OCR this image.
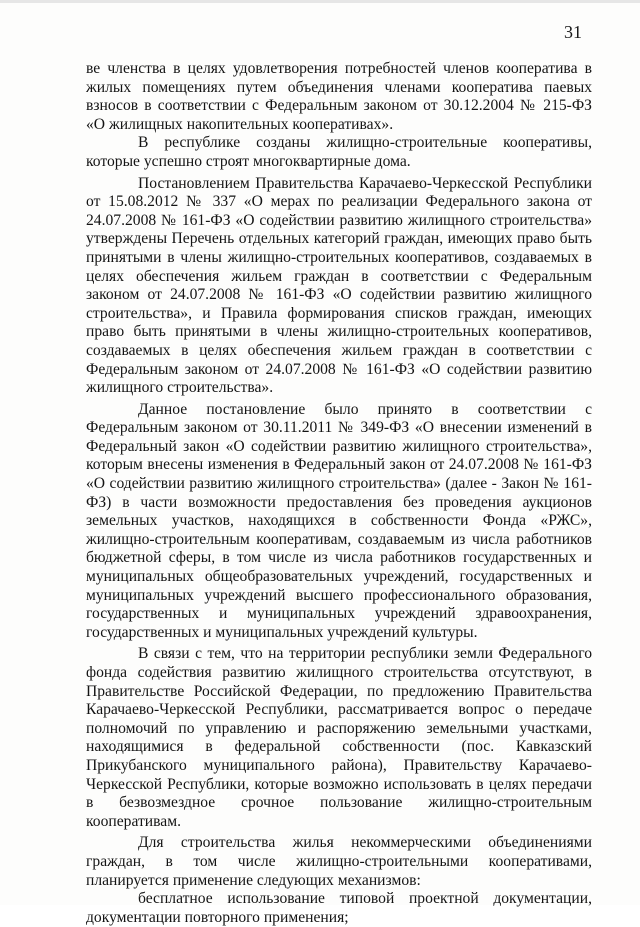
31

ве членства в целях удовлетворения потребностей членов кооператива в жилых помещениях путем объединения членами кооператива паевых взносов в соответствии с Федеральным законом от 30.12.2004 № 215-ФЗ «О жилищных накопительных кооперативах».

В республике созданы жилищно-строительные кооперативы, которые успешно строят многоквартирные дома.

Постановлением Правительства Карачаево-Черкесской Республики от 15.08.2012 № 337 «О мерах по реализации Федерального закона от 24.07.2008 № 161-ФЗ «О содействии развитию жилищного строительства» утверждены Перечень отдельных категорий граждан, имеющих право быть принятыми в члены жилищно-строительных кооперативов, создаваемых в целях обеспечения жильем граждан в соответствии с Федеральным законом от 24.07.2008 № 161-ФЗ «О содействии развитию жилищного строительства», и Правила формирования списков граждан, имеющих право быть принятыми в члены жилищно-строительных кооперативов, создаваемых в целях обеспечения жильем граждан в соответствии с Федеральным законом от 24.07.2008 № 161-ФЗ «О содействии развитию жилищного строительства».

Данное постановление было принято в соответствии с Федеральным законом от 30.11.2011 № 349-ФЗ «О внесении изменений в Федеральный закон «О содействии развитию жилищного строительства», которым внесены изменения в Федеральный закон от 24.07.2008 № 161-ФЗ «О содействии развитию жилищного строительства» (далее - Закон № 161-ФЗ) в части возможности предоставления без проведения аукционов земельных участков, находящихся в собственности Фонда «РЖС», жилищно-строительным кооперативам, создаваемым из числа работников бюджетной сферы, в том числе из числа работников государственных и муниципальных общеобразовательных учреждений, государственных и муниципальных учреждений высшего профессионального образования, государственных и муниципальных учреждений здравоохранения, государственных и муниципальных учреждений культуры.

В связи с тем, что на территории республики земли Федерального фонда содействия развитию жилищного строительства отсутствуют, в Правительстве Российской Федерации, по предложению Правительства Карачаево-Черкесской Республики, рассматривается вопрос о передаче полномочий по управлению и распоряжению земельными участками, находящимися в федеральной собственности (пос. Кавказский Прикубанского муниципального района), Правительству Карачаево-Черкесской Республики, которые возможно использовать в целях передачи в безвозмездное срочное пользование жилищно-строительным кооперативам.

Для строительства жилья некоммерческими объединениями граждан, в том числе жилищно-строительными кооперативами, планируется применение следующих механизмов:

бесплатное использование типовой проектной документации, документации повторного применения;
